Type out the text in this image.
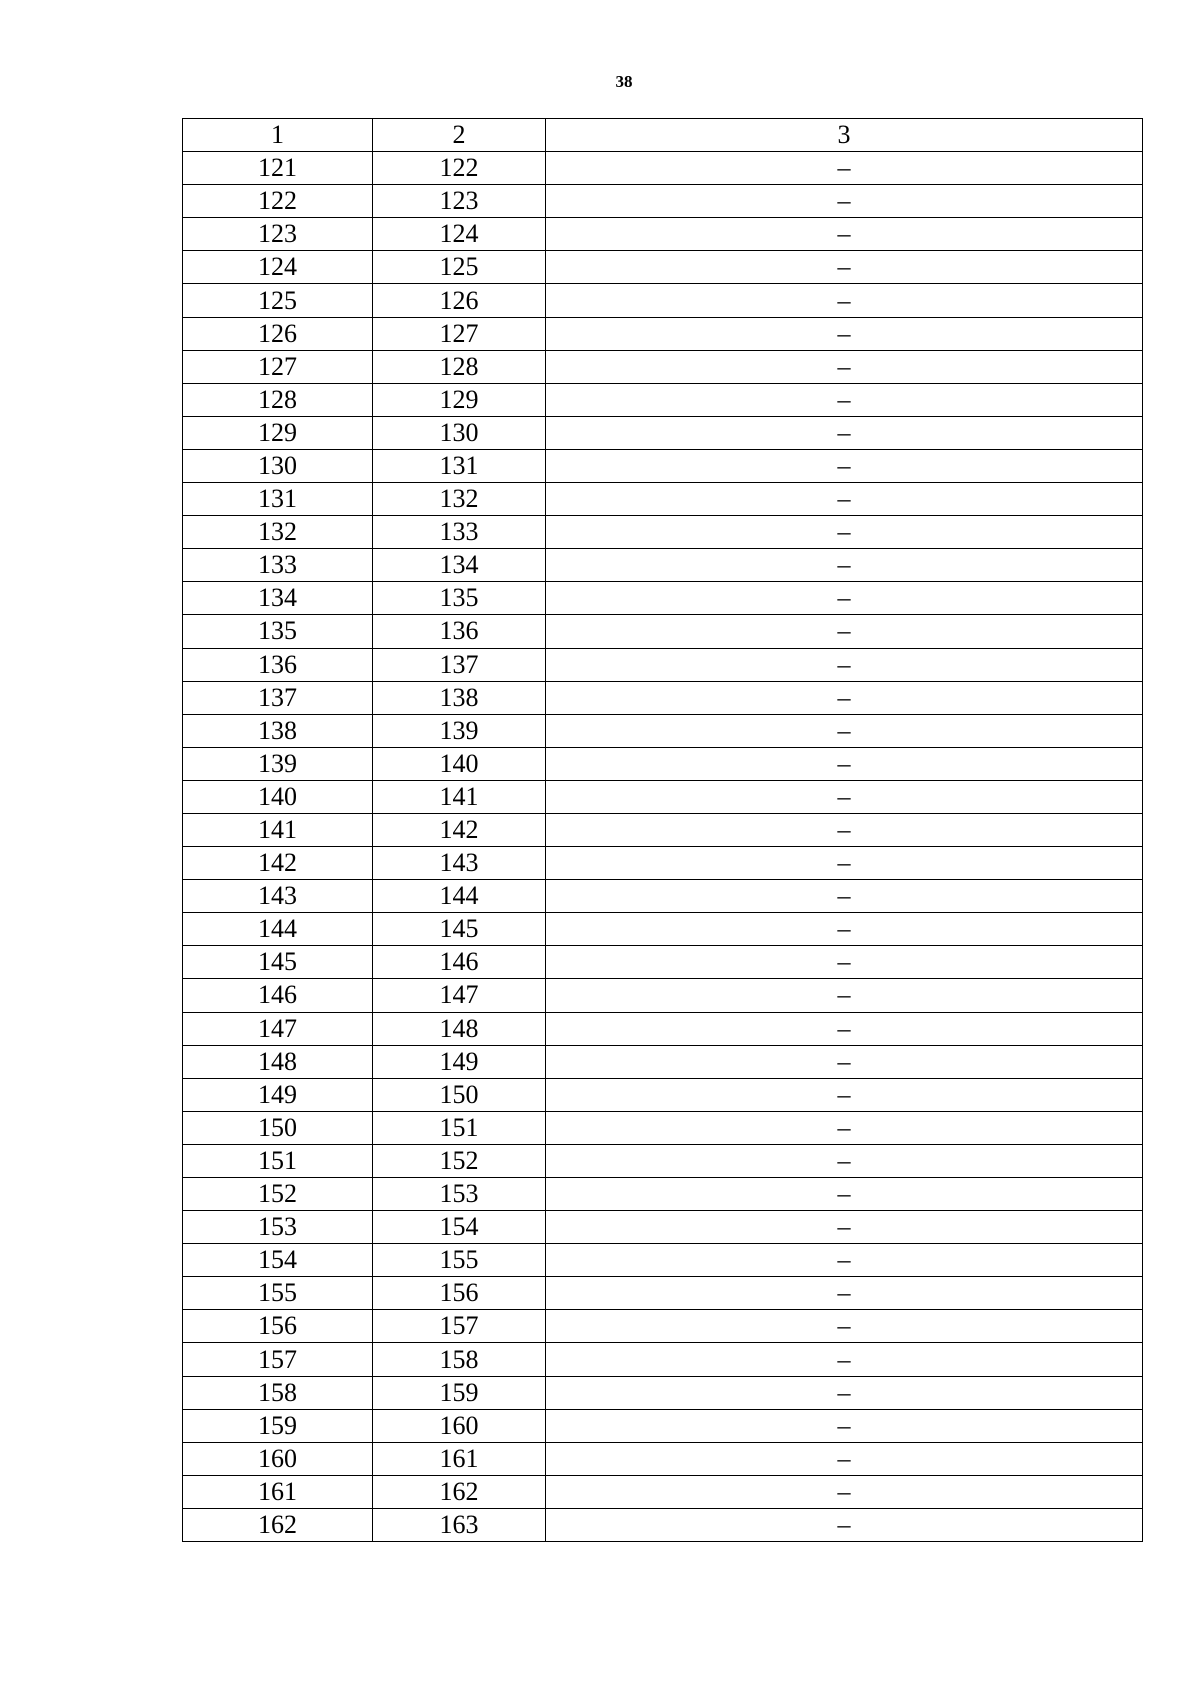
38
1	2	3
121	122	–
122	123	–
123	124	–
124	125	–
125	126	–
126	127	–
127	128	–
128	129	–
129	130	–
130	131	–
131	132	–
132	133	–
133	134	–
134	135	–
135	136	–
136	137	–
137	138	–
138	139	–
139	140	–
140	141	–
141	142	–
142	143	–
143	144	–
144	145	–
145	146	–
146	147	–
147	148	–
148	149	–
149	150	–
150	151	–
151	152	–
152	153	–
153	154	–
154	155	–
155	156	–
156	157	–
157	158	–
158	159	–
159	160	–
160	161	–
161	162	–
162	163	–
